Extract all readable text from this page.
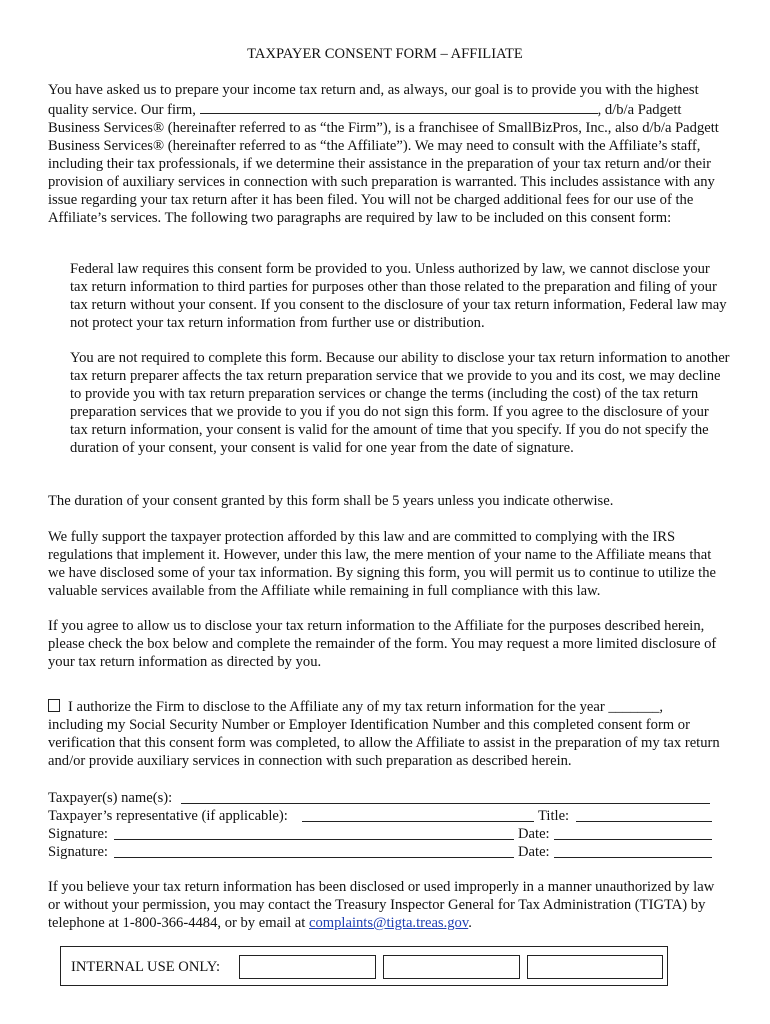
TAXPAYER CONSENT FORM – AFFILIATE

You have asked us to prepare your income tax return and, as always, our goal is to provide you with the highest quality service. Our firm,	, d/b/a Padgett Business Services® (hereinafter referred to as “the Firm”), is a franchisee of SmallBizPros, Inc., also d/b/a Padgett Business Services® (hereinafter referred to as “the Affiliate”). We may need to consult with the Affiliate’s staff, including their tax professionals, if we determine their assistance in the preparation of your tax return and/or their provision of auxiliary services in connection with such preparation is warranted. This includes assistance with any issue regarding your tax return after it has been filed. You will not be charged additional fees for our use of the Affiliate’s services. The following two paragraphs are required by law to be included on this consent form:

Federal law requires this consent form be provided to you. Unless authorized by law, we cannot disclose your tax return information to third parties for purposes other than those related to the preparation and filing of your tax return without your consent. If you consent to the disclosure of your tax return information, Federal law may not protect your tax return information from further use or distribution.

You are not required to complete this form. Because our ability to disclose your tax return information to another tax return preparer affects the tax return preparation service that we provide to you and its cost, we may decline to provide you with tax return preparation services or change the terms (including the cost) of the tax return preparation services that we provide to you if you do not sign this form. If you agree to the disclosure of your tax return information, your consent is valid for the amount of time that you specify. If you do not specify the duration of your consent, your consent is valid for one year from the date of signature.

The duration of your consent granted by this form shall be 5 years unless you indicate otherwise.

We fully support the taxpayer protection afforded by this law and are committed to complying with the IRS regulations that implement it. However, under this law, the mere mention of your name to the Affiliate means that we have disclosed some of your tax information. By signing this form, you will permit us to continue to utilize the valuable services available from the Affiliate while remaining in full compliance with this law.

If you agree to allow us to disclose your tax return information to the Affiliate for the purposes described herein, please check the box below and complete the remainder of the form. You may request a more limited disclosure of your tax return information as directed by you.

I authorize the Firm to disclose to the Affiliate any of my tax return information for the year _______,
including my Social Security Number or Employer Identification Number and this completed consent form or verification that this consent form was completed, to allow the Affiliate to assist in the preparation of my tax return and/or provide auxiliary services in connection with such preparation as described herein.

Taxpayer(s) name(s):
Taxpayer’s representative (if applicable):	Title:
Signature:	Date:
Signature:	Date:

If you believe your tax return information has been disclosed or used improperly in a manner unauthorized by law or without your permission, you may contact the Treasury Inspector General for Tax Administration (TIGTA) by telephone at 1-800-366-4484, or by email at complaints@tigta.treas.gov.

INTERNAL USE ONLY:
